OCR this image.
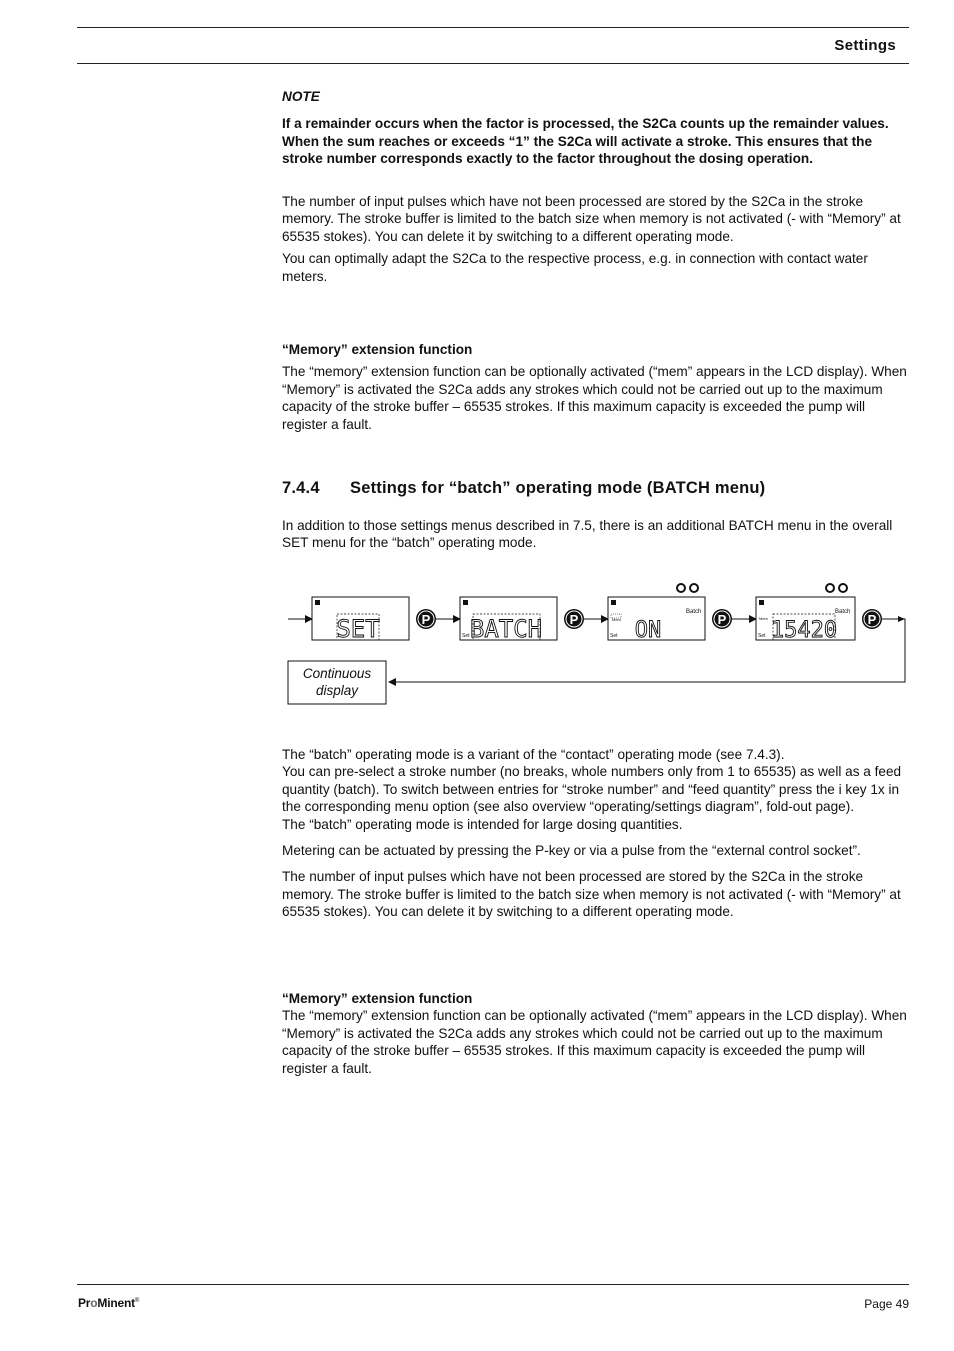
Settings

NOTE

If a remainder occurs when the factor is processed, the S2Ca counts up the remainder values. When the sum reaches or exceeds “1” the S2Ca will activate a stroke. This ensures that the stroke number corresponds exactly to the factor throughout the dosing operation.

The number of input pulses which have not been processed are stored by the S2Ca in the stroke memory. The stroke buffer is limited to the batch size when memory is not activated (- with “Memory” at 65535 stokes). You can delete it by switching to a different operating mode.

You can optimally adapt the S2Ca to the respective process, e.g. in connection with contact water meters.

“Memory” extension function

The “memory” extension function can be optionally activated (“mem” appears in the LCD display). When “Memory” is activated the S2Ca adds any strokes which could not be carried out up to the maximum capacity of the stroke buffer – 65535 strokes. If this maximum capacity is exceeded the pump will register a fault.

7.4.4 Settings for “batch” operating mode (BATCH menu)

In addition to those settings menus described in 7.5, there is an additional BATCH menu in the overall SET menu for the “batch” operating mode.

SET	P
Set BATCH P	Batch
Mem
Set ON	P	Batch
Mem
Set 15420 P
Continuous
display

The “batch” operating mode is a variant of the “contact” operating mode (see 7.4.3).

You can pre-select a stroke number (no breaks, whole numbers only from 1 to 65535) as well as a feed quantity (batch). To switch between entries for “stroke number” and “feed quantity” press the i key 1x in the corresponding menu option (see also overview “operating/settings diagram”, fold-out page).

The “batch” operating mode is intended for large dosing quantities.

Metering can be actuated by pressing the P-key or via a pulse from the “external control socket”.

The number of input pulses which have not been processed are stored by the S2Ca in the stroke memory. The stroke buffer is limited to the batch size when memory is not activated (- with “Memory” at 65535 stokes). You can delete it by switching to a different operating mode.

“Memory” extension function

The “memory” extension function can be optionally activated (“mem” appears in the LCD display). When “Memory” is activated the S2Ca adds any strokes which could not be carried out up to the maximum capacity of the stroke buffer – 65535 strokes. If this maximum capacity is exceeded the pump will register a fault.

ProMinent®	Page 49
